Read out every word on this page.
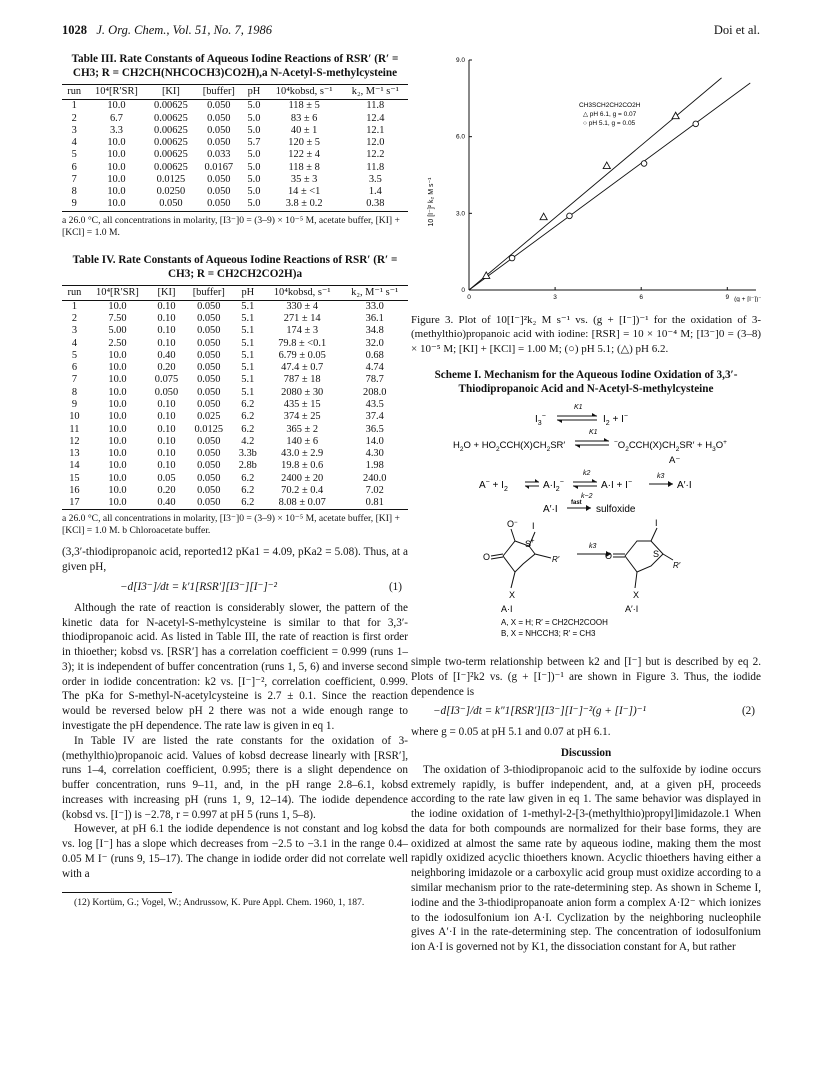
1028 J. Org. Chem., Vol. 51, No. 7, 1986	Doi et al.
Table III. Rate Constants of Aqueous Iodine Reactions of RSR′ (R′ = CH3; R = CH2CH(NHCOCH3)CO2H),a N-Acetyl-S-methylcysteine
run	10⁴[R′SR]	[KI]	[buffer]	pH	10⁴kobsd, s⁻¹	k₂, M⁻¹ s⁻¹
1	10.0	0.00625	0.050	5.0	118 ± 5	11.8
2	6.7	0.00625	0.050	5.0	83 ± 6	12.4
3	3.3	0.00625	0.050	5.0	40 ± 1	12.1
4	10.0	0.00625	0.050	5.7	120 ± 5	12.0
5	10.0	0.00625	0.033	5.0	122 ± 4	12.2
6	10.0	0.00625	0.0167	5.0	118 ± 8	11.8
7	10.0	0.0125	0.050	5.0	35 ± 3	3.5
8	10.0	0.0250	0.050	5.0	14 ± <1	1.4
9	10.0	0.050	0.050	5.0	3.8 ± 0.2	0.38
a 26.0 °C, all concentrations in molarity, [I3⁻]0 = (3–9) × 10⁻⁵ M, acetate buffer, [KI] + [KCl] = 1.0 M.
Table IV. Rate Constants of Aqueous Iodine Reactions of RSR′ (R′ = CH3; R = CH2CH2CO2H)a
run	10⁴[R′SR]	[KI]	[buffer]	pH	10⁴kobsd, s⁻¹	k₂, M⁻¹ s⁻¹
1	10.0	0.10	0.050	5.1	330 ± 4	33.0
2	7.50	0.10	0.050	5.1	271 ± 14	36.1
3	5.00	0.10	0.050	5.1	174 ± 3	34.8
4	2.50	0.10	0.050	5.1	79.8 ± <0.1	32.0
5	10.0	0.40	0.050	5.1	6.79 ± 0.05	0.68
6	10.0	0.20	0.050	5.1	47.4 ± 0.7	4.74
7	10.0	0.075	0.050	5.1	787 ± 18	78.7
8	10.0	0.050	0.050	5.1	2080 ± 30	208.0
9	10.0	0.10	0.050	6.2	435 ± 15	43.5
10	10.0	0.10	0.025	6.2	374 ± 25	37.4
11	10.0	0.10	0.0125	6.2	365 ± 2	36.5
12	10.0	0.10	0.050	4.2	140 ± 6	14.0
13	10.0	0.10	0.050	3.3b	43.0 ± 2.9	4.30
14	10.0	0.10	0.050	2.8b	19.8 ± 0.6	1.98
15	10.0	0.05	0.050	6.2	2400 ± 20	240.0
16	10.0	0.20	0.050	6.2	70.2 ± 0.4	7.02
17	10.0	0.40	0.050	6.2	8.08 ± 0.07	0.81
a 26.0 °C, all concentrations in molarity, [I3⁻]0 = (3–9) × 10⁻⁵ M, acetate buffer, [KI] + [KCl] = 1.0 M. b Chloroacetate buffer.

(3,3′-thiodipropanoic acid, reported12 pKa1 = 4.09, pKa2 = 5.08). Thus, at a given pH,

−d[I3⁻]/dt = k′1[RSR′][I3⁻][I⁻]⁻²	(1)

Although the rate of reaction is considerably slower, the pattern of the kinetic data for N-acetyl-S-methylcysteine is similar to that for 3,3′-thiodipropanoic acid. As listed in Table III, the rate of reaction is first order in thioether; kobsd vs. [RSR′] has a correlation coefficient = 0.999 (runs 1–3); it is independent of buffer concentration (runs 1, 5, 6) and inverse second order in iodide concentration: k2 vs. [I⁻]⁻², correlation coefficient, 0.999. The pKa for S-methyl-N-acetylcysteine is 2.7 ± 0.1. Since the reaction would be reversed below pH 2 there was not a wide enough range to investigate the pH dependence. The rate law is given in eq 1.

In Table IV are listed the rate constants for the oxidation of 3-(methylthio)propanoic acid. Values of kobsd decrease linearly with [RSR′], runs 1–4, correlation coefficient, 0.995; there is a slight dependence on buffer concentration, runs 9–11, and, in the pH range 2.8–6.1, kobsd increases with increasing pH (runs 1, 9, 12–14). The iodide dependence (kobsd vs. [I⁻]) is −2.78, r = 0.997 at pH 5 (runs 1, 5–8).

However, at pH 6.1 the iodide dependence is not constant and log kobsd vs. log [I⁻] has a slope which decreases from −2.5 to −3.1 in the range 0.4–0.05 M I⁻ (runs 9, 15–17). The change in iodide order did not correlate well with a

(12) Kortüm, G.; Vogel, W.; Andrussow, K. Pure Appl. Chem. 1960, 1, 187.

0	3	6	9
0
3.0
6.0
9.0
10 [I⁻]² k₂ M s⁻¹
CH3SCH2CH2CO2H
△ pH 6.1, g = 0.07
○ pH 5.1, g = 0.05
(g + [I⁻])⁻¹

Figure 3. Plot of 10[I⁻]²k₂ M s⁻¹ vs. (g + [I⁻])⁻¹ for the oxidation of 3-(methylthio)propanoic acid with iodine: [RSR] = 10 × 10⁻⁴ M; [I3⁻]0 = (3–8) × 10⁻⁵ M; [KI] + [KCl] = 1.00 M; (○) pH 5.1; (△) pH 6.2.

Scheme I. Mechanism for the Aqueous Iodine Oxidation of 3,3′-Thiodipropanoic Acid and N-Acetyl-S-methylcysteine
$I_3^-$
K1
$I_2 + I^-$
$H_2O + HO_2CCH(X)CH_2SR'$
K1
$^-O_2CCH(X)CH_2SR' + H_3O^+$
A⁻
$A^- + I_2$	$A\cdot I_2^-$
k2
k−2
A·I + I−
k3
A′·I
A′·I
fast
sulfoxide
O
O−
S+
I
R′
X
k3
O	S
I
R′
X
A·I	A′·I
A, X = H; R′ = CH2CH2COOH
B, X = NHCCH3; R′ = CH3

simple two-term relationship between k2 and [I⁻] but is described by eq 2. Plots of [I⁻]²k2 vs. (g + [I⁻])⁻¹ are shown in Figure 3. Thus, the iodide dependence is

−d[I3⁻]/dt = k″1[RSR′][I3⁻][I⁻]⁻²(g + [I⁻])⁻¹	(2)

where g = 0.05 at pH 5.1 and 0.07 at pH 6.1.

Discussion

The oxidation of 3-thiodipropanoic acid to the sulfoxide by iodine occurs extremely rapidly, is buffer independent, and, at a given pH, proceeds according to the rate law given in eq 1. The same behavior was displayed in the iodine oxidation of 1-methyl-2-[3-(methylthio)propyl]imidazole.1 When the data for both compounds are normalized for their base forms, they are oxidized at almost the same rate by aqueous iodine, making them the most rapidly oxidized acyclic thioethers known. Acyclic thioethers having either a neighboring imidazole or a carboxylic acid group must oxidize according to a similar mechanism prior to the rate-determining step. As shown in Scheme I, iodine and the 3-thiodipropanoate anion form a complex A·I2⁻ which ionizes to the iodosulfonium ion A·I. Cyclization by the neighboring nucleophile gives A′·I in the rate-determining step. The concentration of iodosulfonium ion A·I is governed not by K1, the dissociation constant for A, but rather
